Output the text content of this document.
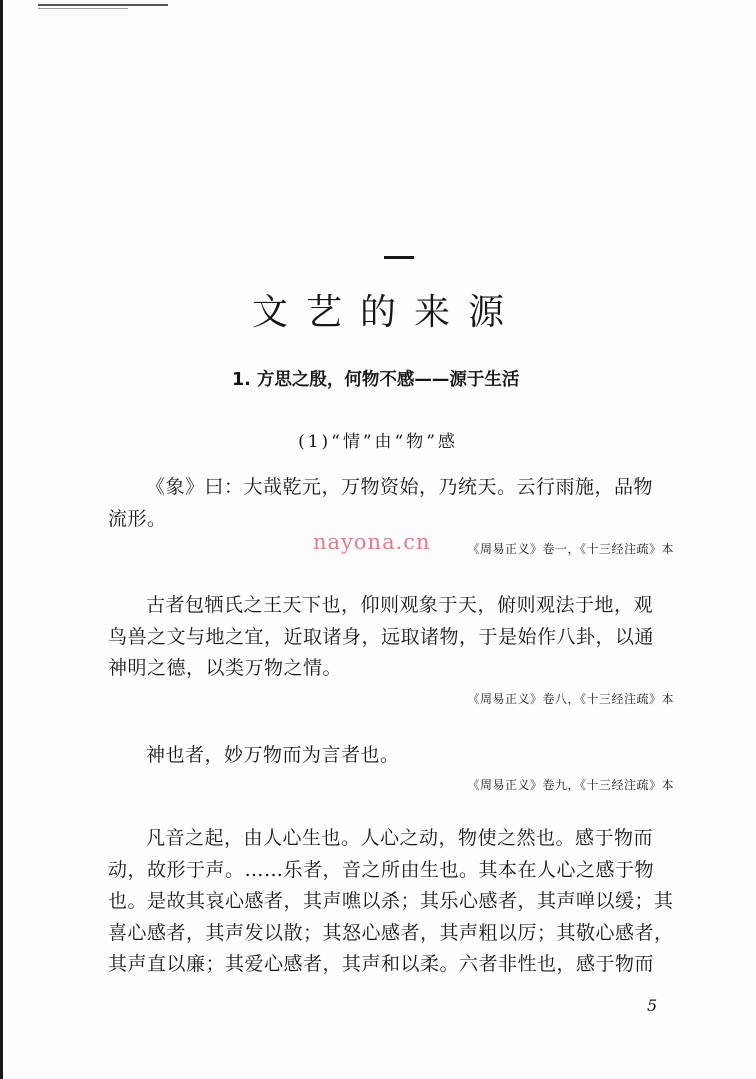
文艺的来源
1. 方思之殷，何物不感——源于生活
(1)“情”由“物”感
《象》曰：大哉乾元，万物资始，乃统天。云行雨施，品物
流形。
《周易正义》卷一，《十三经注疏》本
nayona.cn
古者包牺氏之王天下也，仰则观象于天，俯则观法于地，观
鸟兽之文与地之宜，近取诸身，远取诸物，于是始作八卦，以通
神明之德，以类万物之情。
《周易正义》卷八，《十三经注疏》本
神也者，妙万物而为言者也。
《周易正义》卷九，《十三经注疏》本
凡音之起，由人心生也。人心之动，物使之然也。感于物而
动，故形于声。……乐者，音之所由生也。其本在人心之感于物
也。是故其哀心感者，其声噍以杀；其乐心感者，其声啴以缓；其
喜心感者，其声发以散；其怒心感者，其声粗以厉；其敬心感者，
其声直以廉；其爱心感者，其声和以柔。六者非性也，感于物而
5
